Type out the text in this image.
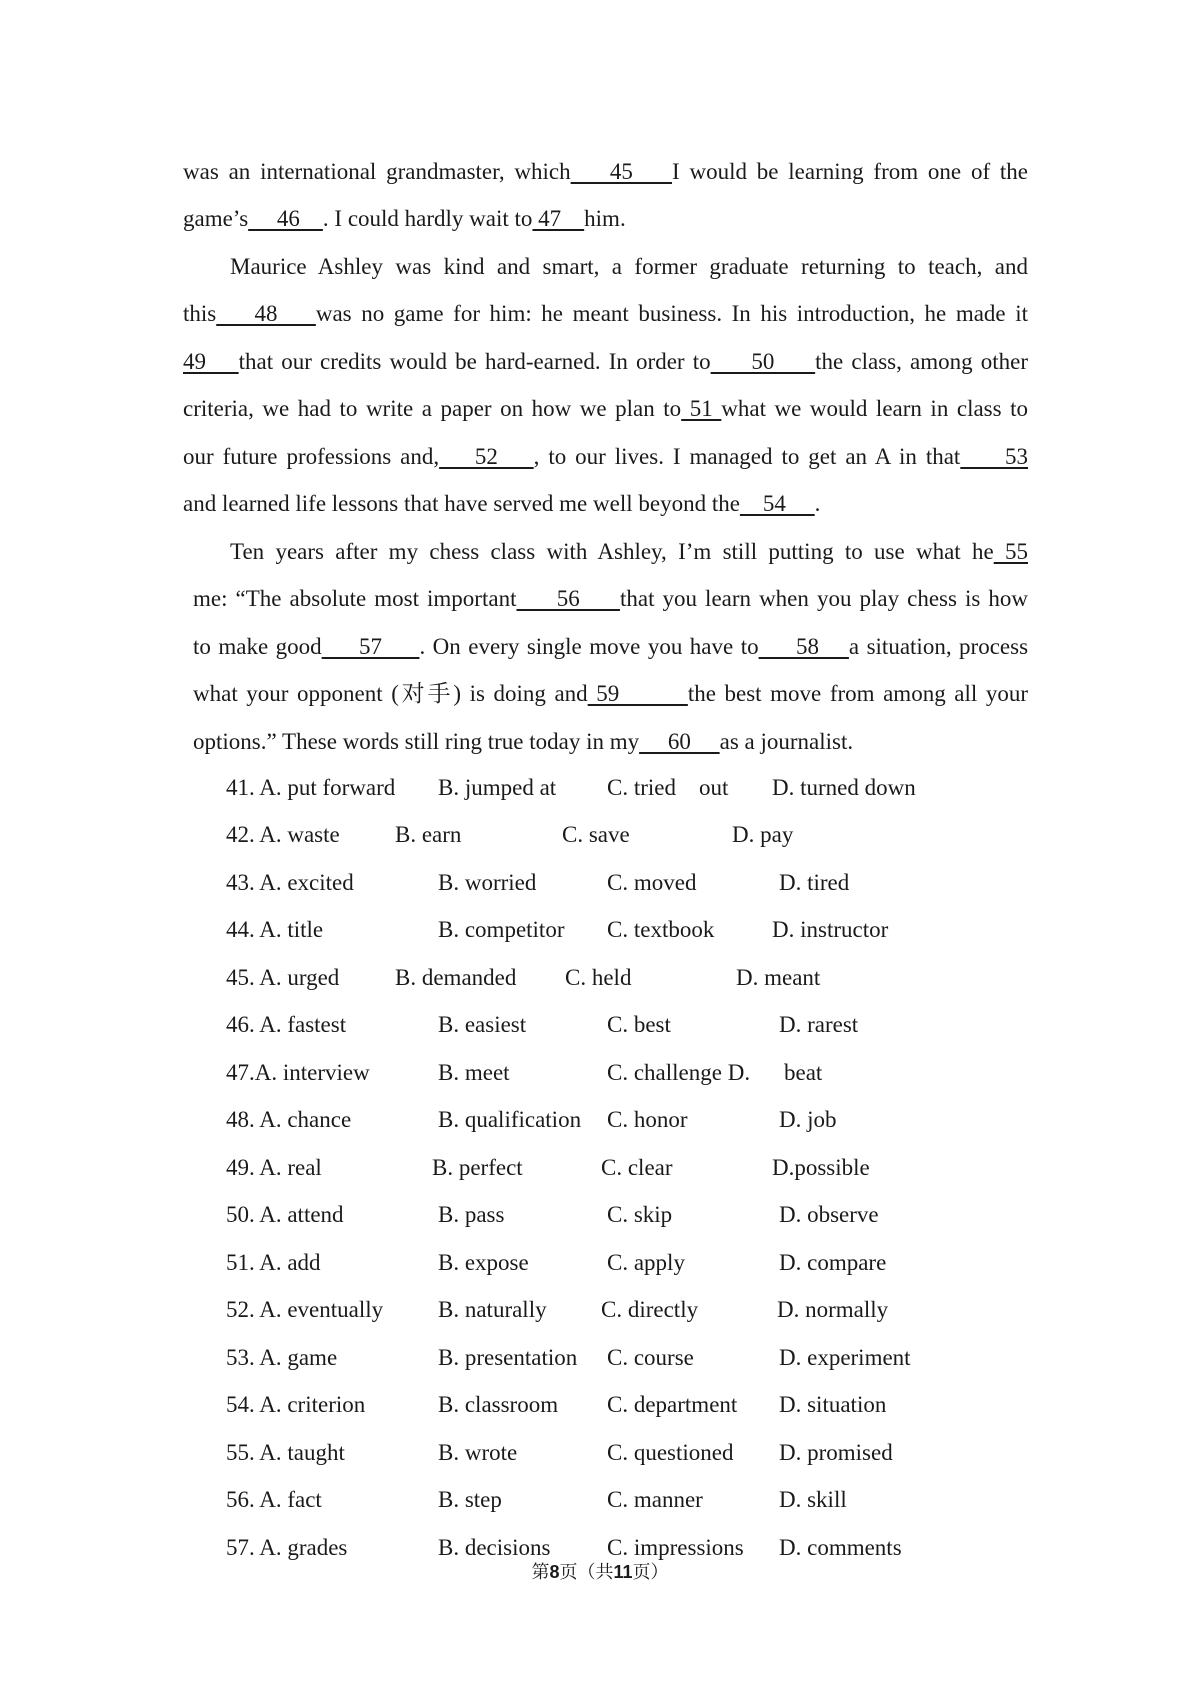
was an international grandmaster, which    45    I would be learning from one of the
game’s     46    . I could hardly wait to 47    him.
Maurice Ashley was kind and smart, a former graduate returning to teach, and
this    48    was no game for him: he meant business. In his introduction, he made it
49    that our credits would be hard-earned. In order to     50     the class, among other
criteria, we had to write a paper on how we plan to 51 what we would learn in class to
our future professions and,    52    , to our lives. I managed to get an A in that     53
and learned life lessons that have served me well beyond the    54     .
Ten years after my chess class with Ashley, I’m still putting to use what he 55
me: “The absolute most important     56     that you learn when you play chess is how
to make good     57     . On every single move you have to     58    a situation, process
what your opponent (对手) is doing and 59        the best move from among all your
options.” These words still ring true today in my     60     as a journalist.
41. A. put forward B. jumped at C. tried    out D. turned down
42. A. waste B. earn	C. save	D. pay
43. A. excited	B. worried	C. moved	D. tired
44. A. title	B. competitor C. textbook	D. instructor
45. A. urged B. demanded C. held	D. meant
46. A. fastest	B. easiest	C. best	D. rarest
47.A. interview	B. meet	C. challenge D. beat
48. A. chance	B. qualification C. honor	D. job
49. A. real	B. perfect	C. clear	D.possible
50. A. attend	B. pass	C. skip	D. observe
51. A. add	B. expose	C. apply	D. compare
52. A. eventually B. naturally C. directly	D. normally
53. A. game	B. presentation C. course	D. experiment
54. A. criterion	B. classroom C. department D. situation
55. A. taught	B. wrote	C. questioned D. promised
56. A. fact	B. step	C. manner	D. skill
57. A. grades	B. decisions C. impressions D. comments
第8页（共11页）
